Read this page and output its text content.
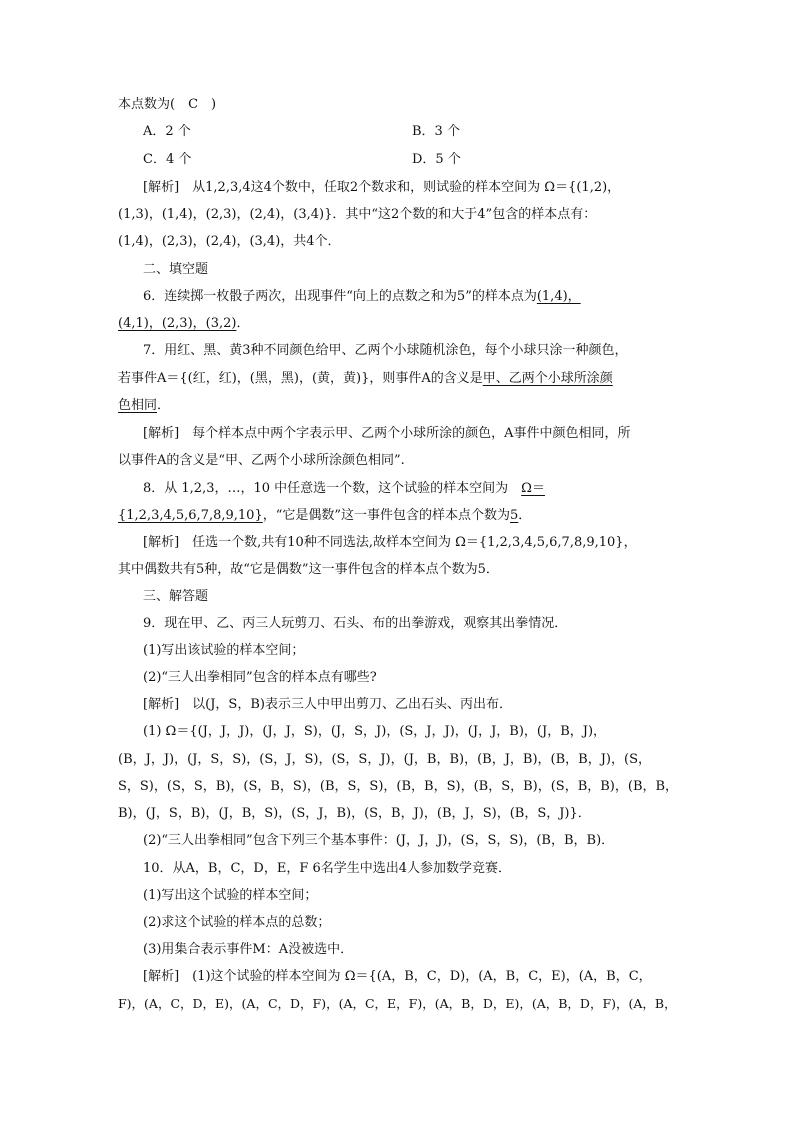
本点数为(　C　)
A．2 个	B．3 个
C．4 个	D．5 个
[解析]　从1,2,3,4这4个数中，任取2个数求和，则试验的样本空间为 Ω＝{(1,2)，
(1,3)，(1,4)，(2,3)，(2,4)，(3,4)}．其中“这2个数的和大于4”包含的样本点有：
(1,4)，(2,3)，(2,4)，(3,4)，共4个．
二、填空题
6．连续掷一枚骰子两次，出现事件“向上的点数之和为5”的样本点为(1,4)，
(4,1)，(2,3)，(3,2)．
7．用红、黑、黄3种不同颜色给甲、乙两个小球随机涂色，每个小球只涂一种颜色，
若事件A＝{(红，红)，(黑，黑)，(黄，黄)}，则事件A的含义是甲、乙两个小球所涂颜
色相同．
[解析]　每个样本点中两个字表示甲、乙两个小球所涂的颜色，A事件中颜色相同，所
以事件A的含义是“甲、乙两个小球所涂颜色相同”.
8．从 1,2,3，…，10 中任意选一个数，这个试验的样本空间为　 Ω＝
{1,2,3,4,5,6,7,8,9,10}，“它是偶数”这一事件包含的样本点个数为5．
[解析]　任选一个数,共有10种不同选法,故样本空间为 Ω＝{1,2,3,4,5,6,7,8,9,10}，
其中偶数共有5种，故“它是偶数”这一事件包含的样本点个数为5．
三、解答题
9．现在甲、乙、丙三人玩剪刀、石头、布的出拳游戏，观察其出拳情况．
(1)写出该试验的样本空间；
(2)“三人出拳相同”包含的样本点有哪些?
[解析]　以(J，S，B)表示三人中甲出剪刀、乙出石头、丙出布．
(1) Ω＝{(J，J，J)，(J，J，S)，(J，S，J)，(S，J，J)，(J，J，B)，(J，B，J)，
(B，J，J)，(J，S，S)，(S，J，S)，(S，S，J)，(J，B，B)，(B，J，B)，(B，B，J)，(S，
S，S)，(S，S，B)，(S，B，S)，(B，S，S)，(B，B，S)，(B，S，B)，(S，B，B)，(B，B，
B)，(J，S，B)，(J，B，S)，(S，J，B)，(S，B，J)，(B，J，S)，(B，S，J)}．
(2)“三人出拳相同”包含下列三个基本事件：(J，J，J)，(S，S，S)，(B，B，B)．
10．从A，B，C，D，E，F 6名学生中选出4人参加数学竞赛．
(1)写出这个试验的样本空间；
(2)求这个试验的样本点的总数；
(3)用集合表示事件M：A没被选中．
[解析]　(1)这个试验的样本空间为 Ω＝{(A，B，C，D)，(A，B，C，E)，(A，B，C，
F)，(A，C，D，E)，(A，C，D，F)，(A，C，E，F)，(A，B，D，E)，(A，B，D，F)，(A，B，
